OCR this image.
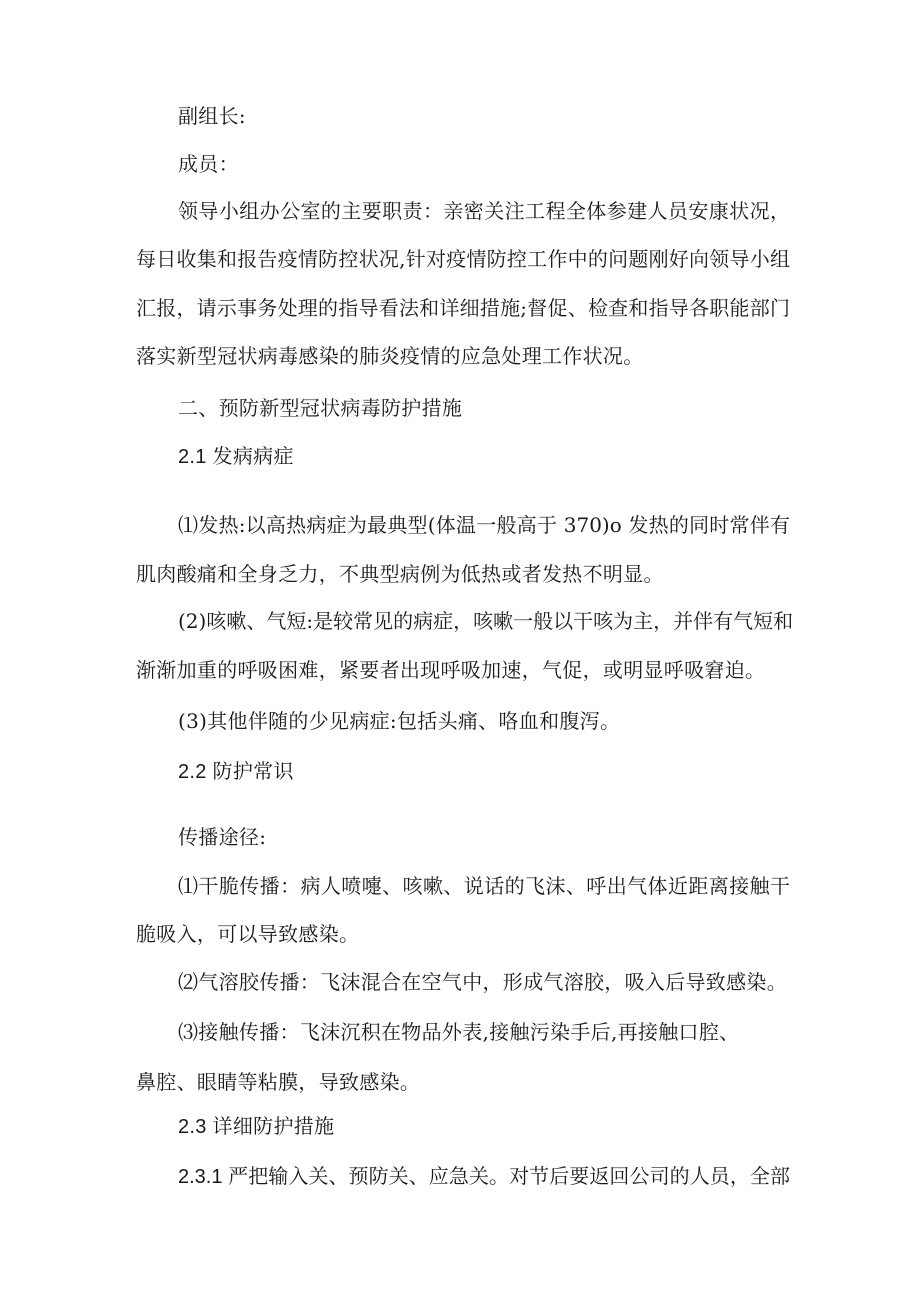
副组长:
成员：
领导小组办公室的主要职责：亲密关注工程全体参建人员安康状况，
每日收集和报告疫情防控状况,针对疫情防控工作中的问题刚好向领导小组
汇报，请示事务处理的指导看法和详细措施;督促、检查和指导各职能部门
落实新型冠状病毒感染的肺炎疫情的应急处理工作状况。
二、预防新型冠状病毒防护措施
2.1 发病病症
⑴发热:以高热病症为最典型(体温一般高于 370)o 发热的同时常伴有
肌肉酸痛和全身乏力，不典型病例为低热或者发热不明显。
(2)咳嗽、气短:是较常见的病症，咳嗽一般以干咳为主，并伴有气短和
渐渐加重的呼吸困难，紧要者出现呼吸加速，气促，或明显呼吸窘迫。
(3)其他伴随的少见病症:包括头痛、咯血和腹泻。
2.2 防护常识
传播途径:
⑴干脆传播：病人喷嚏、咳嗽、说话的飞沫、呼出气体近距离接触干
脆吸入，可以导致感染。
⑵气溶胶传播：飞沫混合在空气中，形成气溶胶，吸入后导致感染。
⑶接触传播：飞沫沉积在物品外表,接触污染手后,再接触口腔、
鼻腔、眼睛等粘膜，导致感染。
2.3 详细防护措施
2.3.1 严把输入关、预防关、应急关。对节后要返回公司的人员，全部
